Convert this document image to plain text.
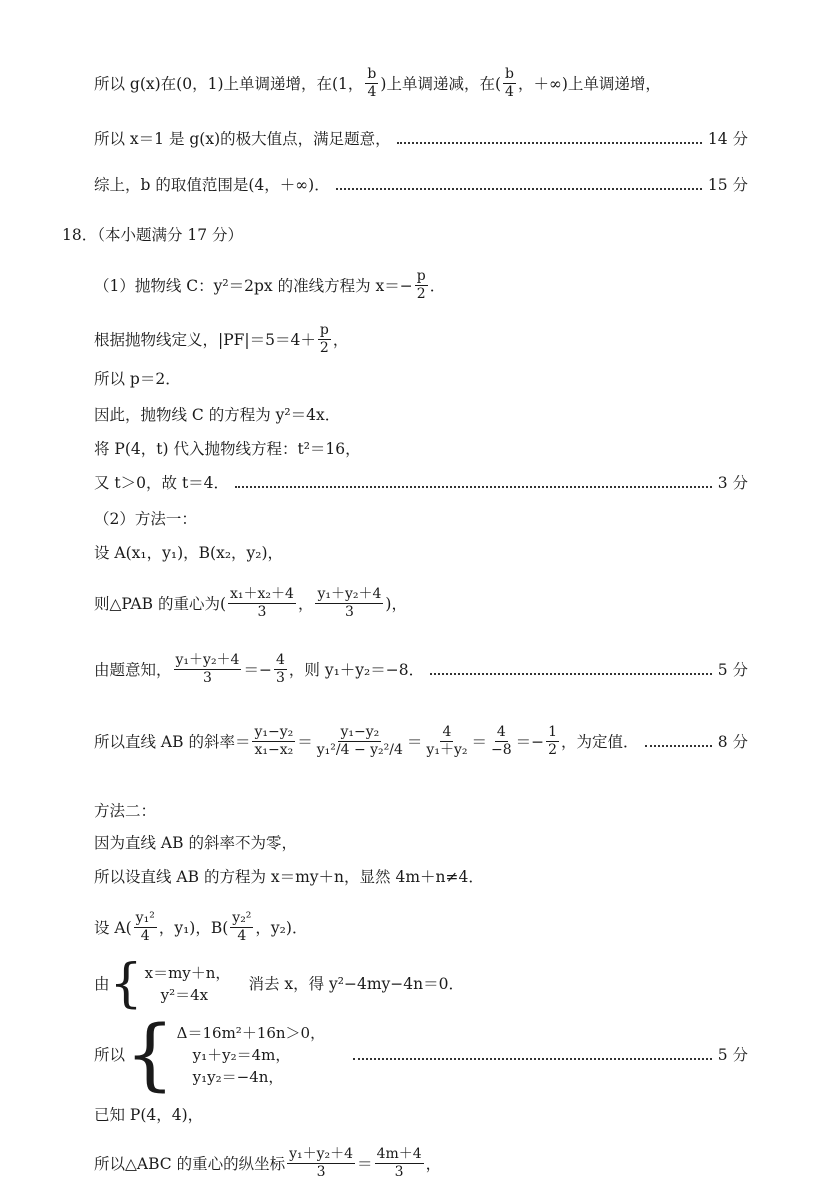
所以 g(x)在(0，1)上单调递增，在(1， $\frac{b}{4}$ )上单调递减，在( $\frac{b}{4}$ ，＋∞)上单调递增，
所以 x＝1 是 g(x)的极大值点，满足题意，	14 分
综上，b 的取值范围是(4，＋∞)．	15 分
18．（本小题满分 17 分）
（1）抛物线 C：y²＝2px 的准线方程为 $x=- \frac{p}{2}$ ．
根据抛物线定义，$|PF|=5=4+ \frac{p}{2}$ ，
所以 p＝2．
因此，抛物线 C 的方程为 y²＝4x．
将 P(4，t) 代入抛物线方程：t²＝16，
又 t＞0，故 t＝4．	3 分
（2）方法一：
设 A(x₁，y₁)，B(x₂，y₂)，
则△PAB 的重心为( $\frac{\text{x₁＋x₂＋4}}{3}$ ， $\frac{\text{y₁＋y₂＋4}}{3}$ )，
由题意知， $\frac{\text{y₁＋y₂＋4}}{3} =- \frac{4}{3}$ ，则 y₁＋y₂＝−8．	5 分
所以直线 AB 的斜率＝ $\frac{\text{y₁−y₂}}{\text{x₁−x₂}} = \frac{\text{y₁−y₂}}{\text{y₁²/4 − y₂²/4}} = \frac{4}{\text{y₁＋y₂}} = \frac{4}{-8} =- \frac{1}{2}$ ，为定值．	8 分
方法二：
因为直线 AB 的斜率不为零，
所以设直线 AB 的方程为 x＝my＋n，显然 4m＋n≠4．
设 $A( \frac{\text{y₁²}}{4}$ ，y₁)，$B( \frac{\text{y₂²}}{4}$ ，y₂)．
由 { x＝my＋n，
y²＝4x
消去 x，得 y²−4my−4n＝0．
所以 { Δ＝16m²＋16n＞0，
y₁＋y₂＝4m，
y₁y₂＝−4n，
5 分
已知 P(4，4)，
所以△ABC 的重心的纵坐标 $\frac{\text{y₁＋y₂＋4}}{3} = \frac{4m+4}{3}$ ，
